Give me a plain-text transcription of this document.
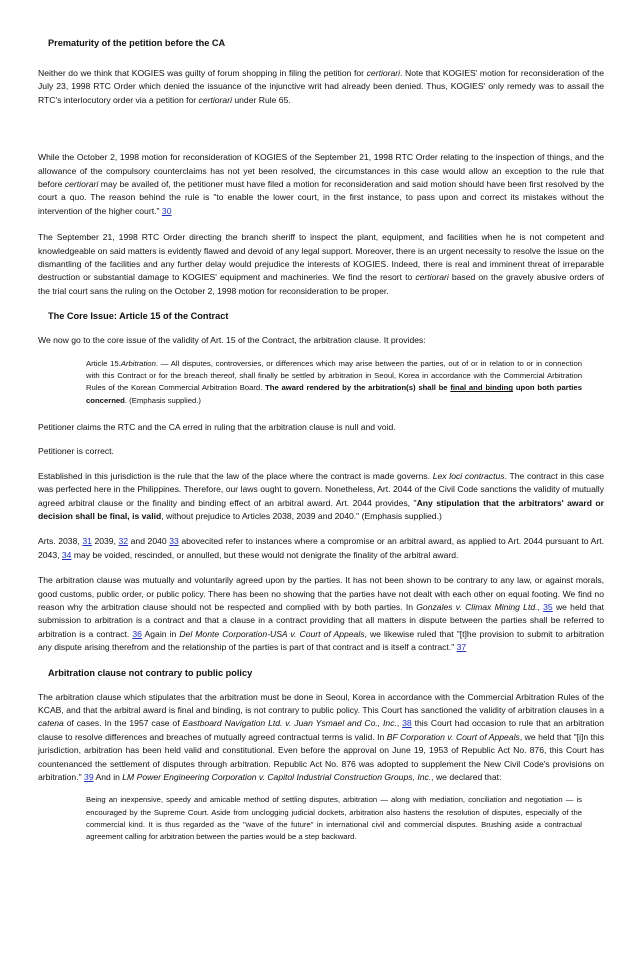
Prematurity of the petition before the CA

Neither do we think that KOGIES was guilty of forum shopping in filing the petition for certiorari. Note that KOGIES' motion for reconsideration of the July 23, 1998 RTC Order which denied the issuance of the injunctive writ had already been denied. Thus, KOGIES' only remedy was to assail the RTC's interlocutory order via a petition for certiorari under Rule 65.

While the October 2, 1998 motion for reconsideration of KOGIES of the September 21, 1998 RTC Order relating to the inspection of things, and the allowance of the compulsory counterclaims has not yet been resolved, the circumstances in this case would allow an exception to the rule that before certiorari may be availed of, the petitioner must have filed a motion for reconsideration and said motion should have been first resolved by the court a quo. The reason behind the rule is "to enable the lower court, in the first instance, to pass upon and correct its mistakes without the intervention of the higher court." 30

The September 21, 1998 RTC Order directing the branch sheriff to inspect the plant, equipment, and facilities when he is not competent and knowledgeable on said matters is evidently flawed and devoid of any legal support. Moreover, there is an urgent necessity to resolve the issue on the dismantling of the facilities and any further delay would prejudice the interests of KOGIES. Indeed, there is real and imminent threat of irreparable destruction or substantial damage to KOGIES' equipment and machineries. We find the resort to certiorari based on the gravely abusive orders of the trial court sans the ruling on the October 2, 1998 motion for reconsideration to be proper.

The Core Issue: Article 15 of the Contract

We now go to the core issue of the validity of Art. 15 of the Contract, the arbitration clause. It provides:

Article 15.Arbitration. — All disputes, controversies, or differences which may arise between the parties, out of or in relation to or in connection with this Contract or for the breach thereof, shall finally be settled by arbitration in Seoul, Korea in accordance with the Commercial Arbitration Rules of the Korean Commercial Arbitration Board. The award rendered by the arbitration(s) shall be final and binding upon both parties concerned. (Emphasis supplied.)

Petitioner claims the RTC and the CA erred in ruling that the arbitration clause is null and void.

Petitioner is correct.

Established in this jurisdiction is the rule that the law of the place where the contract is made governs. Lex loci contractus. The contract in this case was perfected here in the Philippines. Therefore, our laws ought to govern. Nonetheless, Art. 2044 of the Civil Code sanctions the validity of mutually agreed arbitral clause or the finality and binding effect of an arbitral award. Art. 2044 provides, "Any stipulation that the arbitrators' award or decision shall be final, is valid, without prejudice to Articles 2038, 2039 and 2040." (Emphasis supplied.)

Arts. 2038, 31 2039, 32 and 2040 33 abovecited refer to instances where a compromise or an arbitral award, as applied to Art. 2044 pursuant to Art. 2043, 34 may be voided, rescinded, or annulled, but these would not denigrate the finality of the arbitral award.

The arbitration clause was mutually and voluntarily agreed upon by the parties. It has not been shown to be contrary to any law, or against morals, good customs, public order, or public policy. There has been no showing that the parties have not dealt with each other on equal footing. We find no reason why the arbitration clause should not be respected and complied with by both parties. In Gonzales v. Climax Mining Ltd., 35 we held that submission to arbitration is a contract and that a clause in a contract providing that all matters in dispute between the parties shall be referred to arbitration is a contract. 36 Again in Del Monte Corporation-USA v. Court of Appeals, we likewise ruled that "[t]he provision to submit to arbitration any dispute arising therefrom and the relationship of the parties is part of that contract and is itself a contract." 37

Arbitration clause not contrary to public policy

The arbitration clause which stipulates that the arbitration must be done in Seoul, Korea in accordance with the Commercial Arbitration Rules of the KCAB, and that the arbitral award is final and binding, is not contrary to public policy. This Court has sanctioned the validity of arbitration clauses in a catena of cases. In the 1957 case of Eastboard Navigation Ltd. v. Juan Ysmael and Co., Inc., 38 this Court had occasion to rule that an arbitration clause to resolve differences and breaches of mutually agreed contractual terms is valid. In BF Corporation v. Court of Appeals, we held that "[i]n this jurisdiction, arbitration has been held valid and constitutional. Even before the approval on June 19, 1953 of Republic Act No. 876, this Court has countenanced the settlement of disputes through arbitration. Republic Act No. 876 was adopted to supplement the New Civil Code's provisions on arbitration." 39 And in LM Power Engineering Corporation v. Capitol Industrial Construction Groups, Inc., we declared that:

Being an inexpensive, speedy and amicable method of settling disputes, arbitration — along with mediation, conciliation and negotiation — is encouraged by the Supreme Court. Aside from unclogging judicial dockets, arbitration also hastens the resolution of disputes, especially of the commercial kind. It is thus regarded as the "wave of the future" in international civil and commercial disputes. Brushing aside a contractual agreement calling for arbitration between the parties would be a step backward.
